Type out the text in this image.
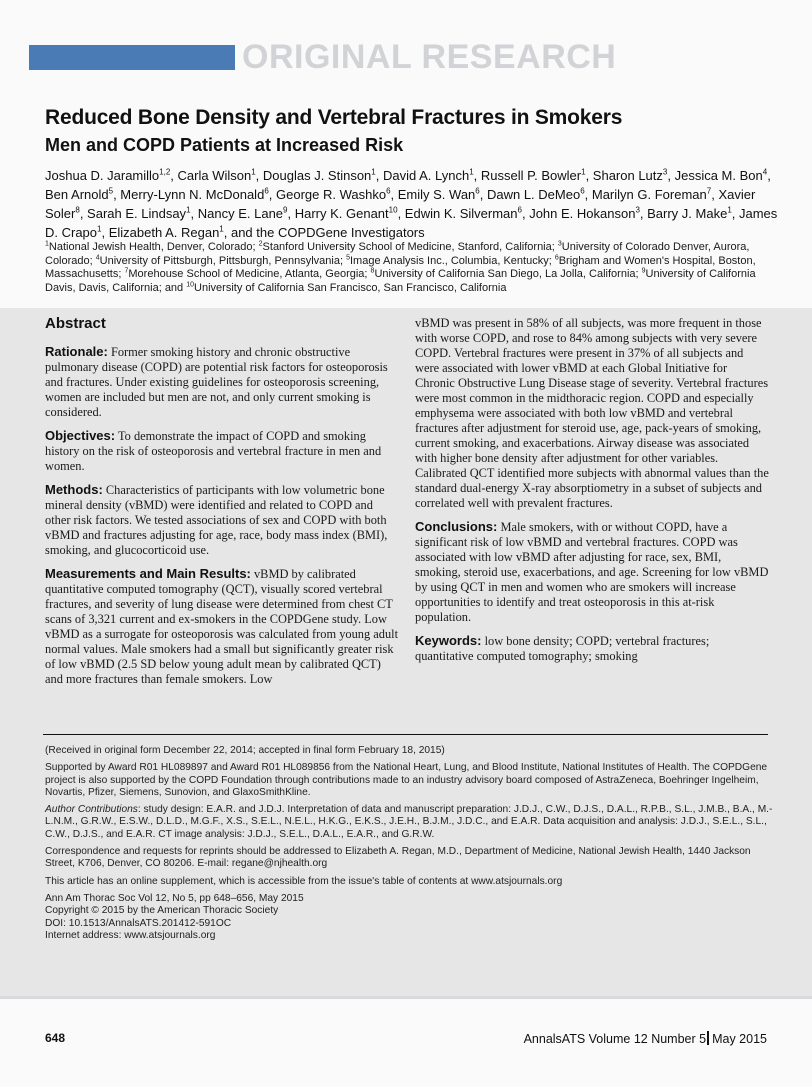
ORIGINAL RESEARCH
Reduced Bone Density and Vertebral Fractures in Smokers
Men and COPD Patients at Increased Risk
Joshua D. Jaramillo$^{1,2}$, Carla Wilson$^1$, Douglas J. Stinson$^1$, David A. Lynch$^1$, Russell P. Bowler$^1$, Sharon Lutz$^3$, Jessica M. Bon$^4$, Ben Arnold$^5$, Merry-Lynn N. McDonald$^6$, George R. Washko$^6$, Emily S. Wan$^6$, Dawn L. DeMeo$^6$, Marilyn G. Foreman$^7$, Xavier Soler$^8$, Sarah E. Lindsay$^1$, Nancy E. Lane$^9$, Harry K. Genant$^{10}$, Edwin K. Silverman$^6$, John E. Hokanson$^3$, Barry J. Make$^1$, James D. Crapo$^1$, Elizabeth A. Regan$^1$, and the COPDGene Investigators
$^1$National Jewish Health, Denver, Colorado; $^2$Stanford University School of Medicine, Stanford, California; $^3$University of Colorado Denver, Aurora, Colorado; $^4$University of Pittsburgh, Pittsburgh, Pennsylvania; $^5$Image Analysis Inc., Columbia, Kentucky; $^6$Brigham and Women's Hospital, Boston, Massachusetts; $^7$Morehouse School of Medicine, Atlanta, Georgia; $^8$University of California San Diego, La Jolla, California; $^9$University of California Davis, Davis, California; and $^{10}$University of California San Francisco, San Francisco, California
Abstract

Rationale: Former smoking history and chronic obstructive pulmonary disease (COPD) are potential risk factors for osteoporosis and fractures. Under existing guidelines for osteoporosis screening, women are included but men are not, and only current smoking is considered.

Objectives: To demonstrate the impact of COPD and smoking history on the risk of osteoporosis and vertebral fracture in men and women.

Methods: Characteristics of participants with low volumetric bone mineral density (vBMD) were identified and related to COPD and other risk factors. We tested associations of sex and COPD with both vBMD and fractures adjusting for age, race, body mass index (BMI), smoking, and glucocorticoid use.

Measurements and Main Results: vBMD by calibrated quantitative computed tomography (QCT), visually scored vertebral fractures, and severity of lung disease were determined from chest CT scans of 3,321 current and ex-smokers in the COPDGene study. Low vBMD as a surrogate for osteoporosis was calculated from young adult normal values. Male smokers had a small but significantly greater risk of low vBMD (2.5 SD below young adult mean by calibrated QCT) and more fractures than female smokers. Low

vBMD was present in 58% of all subjects, was more frequent in those with worse COPD, and rose to 84% among subjects with very severe COPD. Vertebral fractures were present in 37% of all subjects and were associated with lower vBMD at each Global Initiative for Chronic Obstructive Lung Disease stage of severity. Vertebral fractures were most common in the midthoracic region. COPD and especially emphysema were associated with both low vBMD and vertebral fractures after adjustment for steroid use, age, pack-years of smoking, current smoking, and exacerbations. Airway disease was associated with higher bone density after adjustment for other variables. Calibrated QCT identified more subjects with abnormal values than the standard dual-energy X-ray absorptiometry in a subset of subjects and correlated well with prevalent fractures.

Conclusions: Male smokers, with or without COPD, have a significant risk of low vBMD and vertebral fractures. COPD was associated with low vBMD after adjusting for race, sex, BMI, smoking, steroid use, exacerbations, and age. Screening for low vBMD by using QCT in men and women who are smokers will increase opportunities to identify and treat osteoporosis in this at-risk population.

Keywords: low bone density; COPD; vertebral fractures; quantitative computed tomography; smoking

(Received in original form December 22, 2014; accepted in final form February 18, 2015)

Supported by Award R01 HL089897 and Award R01 HL089856 from the National Heart, Lung, and Blood Institute, National Institutes of Health. The COPDGene project is also supported by the COPD Foundation through contributions made to an industry advisory board composed of AstraZeneca, Boehringer Ingelheim, Novartis, Pfizer, Siemens, Sunovion, and GlaxoSmithKline.

Author Contributions: study design: E.A.R. and J.D.J. Interpretation of data and manuscript preparation: J.D.J., C.W., D.J.S., D.A.L., R.P.B., S.L., J.M.B., B.A., M.-L.N.M., G.R.W., E.S.W., D.L.D., M.G.F., X.S., S.E.L., N.E.L., H.K.G., E.K.S., J.E.H., B.J.M., J.D.C., and E.A.R. Data acquisition and analysis: J.D.J., S.E.L., S.L., C.W., D.J.S., and E.A.R. CT image analysis: J.D.J., S.E.L., D.A.L., E.A.R., and G.R.W.

Correspondence and requests for reprints should be addressed to Elizabeth A. Regan, M.D., Department of Medicine, National Jewish Health, 1440 Jackson Street, K706, Denver, CO 80206. E-mail: regane@njhealth.org

This article has an online supplement, which is accessible from the issue's table of contents at www.atsjournals.org

Ann Am Thorac Soc Vol 12, No 5, pp 648–656, May 2015

Copyright © 2015 by the American Thoracic Society

DOI: 10.1513/AnnalsATS.201412-591OC

Internet address: www.atsjournals.org

648	AnnalsATS Volume 12 Number 5 May 2015
